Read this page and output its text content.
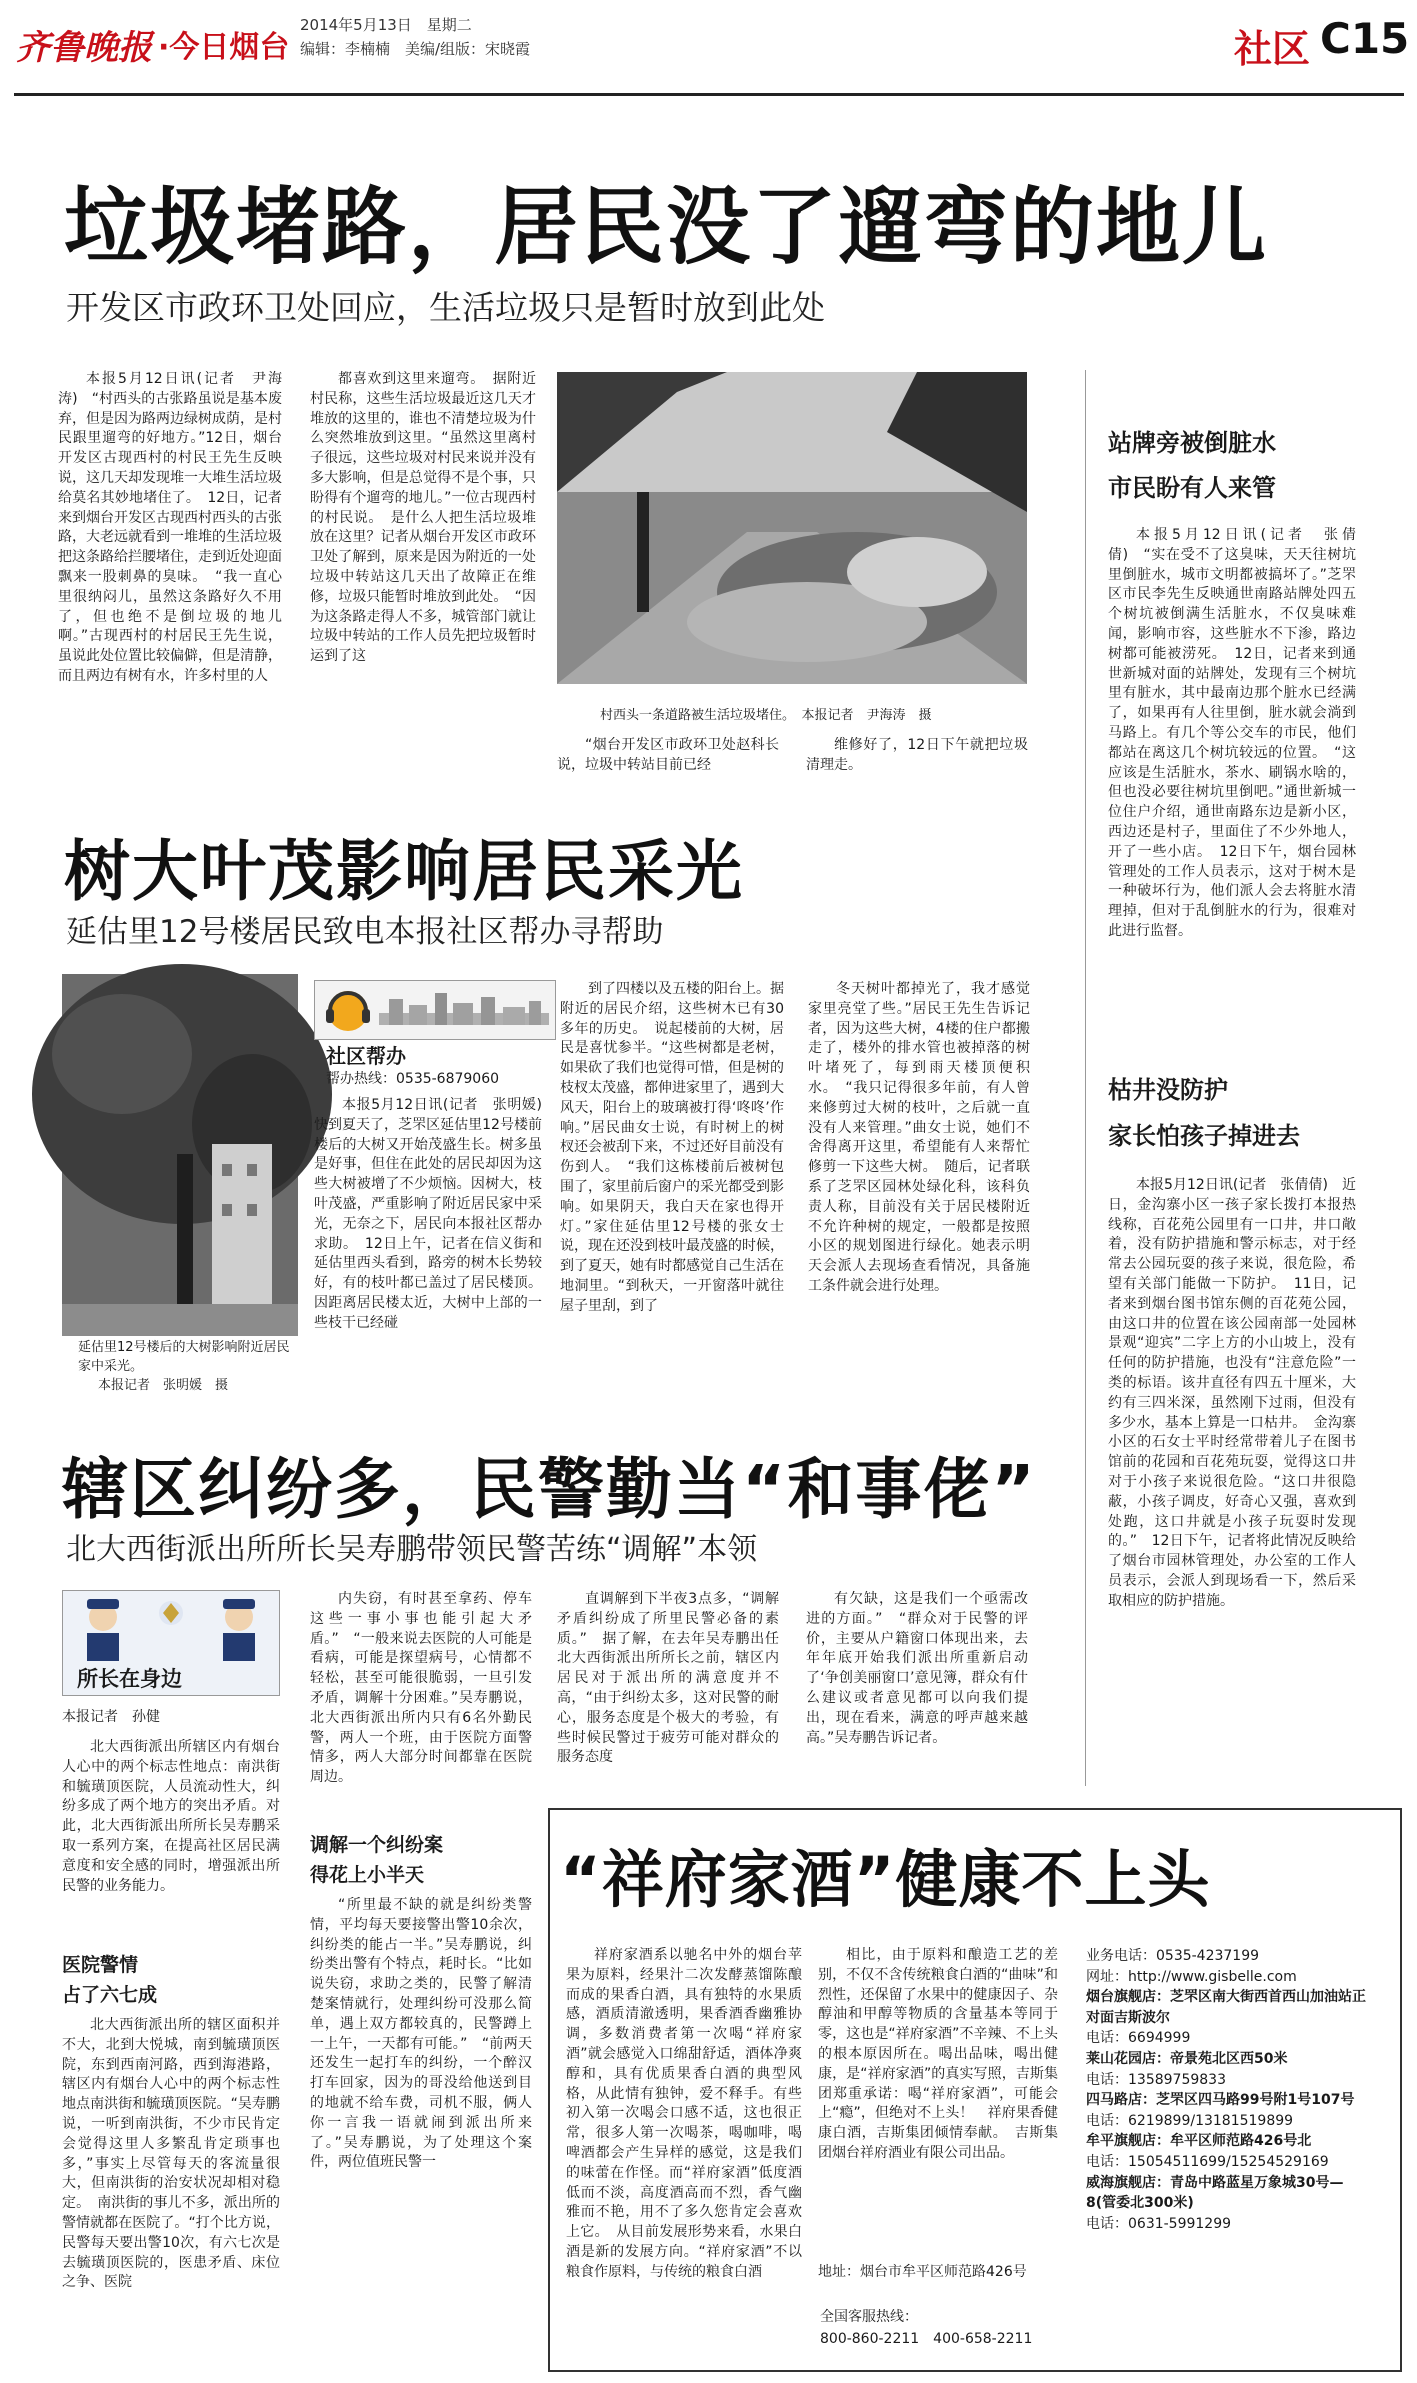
齐鲁晚报 ·今日烟台
2014年5月13日　星期二
编辑：李楠楠　美编/组版：宋晓霞	社区 C15
垃圾堵路，居民没了遛弯的地儿
开发区市政环卫处回应，生活垃圾只是暂时放到此处

本报5月12日讯(记者　尹海涛)　“村西头的古张路虽说是基本废弃，但是因为路两边绿树成荫，是村民跟里遛弯的好地方。”12日，烟台开发区古现西村的村民王先生反映说，这几天却发现堆一大堆生活垃圾给莫名其妙地堵住了。　12日，记者来到烟台开发区古现西村西头的古张路，大老远就看到一堆堆的生活垃圾把这条路给拦腰堵住，走到近处迎面飘来一股刺鼻的臭味。　“我一直心里很纳闷儿，虽然这条路好久不用了，但也绝不是倒垃圾的地儿啊。”古现西村的村居民王先生说，虽说此处位置比较偏僻，但是清静，而且两边有树有水，许多村里的人

都喜欢到这里来遛弯。　据附近村民称，这些生活垃圾最近这几天才堆放的这里的，谁也不清楚垃圾为什么突然堆放到这里。“虽然这里离村子很远，这些垃圾对村民来说并没有多大影响，但是总觉得不是个事，只盼得有个遛弯的地儿。”一位古现西村的村民说。　是什么人把生活垃圾堆放在这里？记者从烟台开发区市政环卫处了解到，原来是因为附近的一处垃圾中转站这几天出了故障正在维修，垃圾只能暂时堆放到此处。　“因为这条路走得人不多，城管部门就让垃圾中转站的工作人员先把垃圾暂时运到了这

村西头一条道路被生活垃圾堵住。　本报记者　尹海涛　摄

“烟台开发区市政环卫处赵科长说，垃圾中转站目前已经

维修好了，12日下午就把垃圾清理走。

站牌旁被倒脏水
市民盼有人来管

本报5月12日讯(记者　张倩倩)　“实在受不了这臭味，天天往树坑里倒脏水，城市文明都被搞坏了。”芝罘区市民李先生反映通世南路站牌处四五个树坑被倒满生活脏水，不仅臭味难闻，影响市容，这些脏水不下渗，路边树都可能被涝死。　12日，记者来到通世新城对面的站牌处，发现有三个树坑里有脏水，其中最南边那个脏水已经满了，如果再有人往里倒，脏水就会淌到马路上。有几个等公交车的市民，他们都站在离这几个树坑较远的位置。　“这应该是生活脏水，茶水、刷锅水啥的，但也没必要往树坑里倒吧。”通世新城一位住户介绍，通世南路东边是新小区，西边还是村子，里面住了不少外地人，开了一些小店。　12日下午，烟台园林管理处的工作人员表示，这对于树木是一种破坏行为，他们派人会去将脏水清理掉，但对于乱倒脏水的行为，很难对此进行监督。

枯井没防护
家长怕孩子掉进去

本报5月12日讯(记者　张倩倩)　近日，金沟寨小区一孩子家长拨打本报热线称，百花苑公园里有一口井，井口敞着，没有防护措施和警示标志，对于经常去公园玩耍的孩子来说，很危险，希望有关部门能做一下防护。　11日，记者来到烟台图书馆东侧的百花苑公园，由这口井的位置在该公园南部一处园林景观“迎宾”二字上方的小山坡上，没有任何的防护措施，也没有“注意危险”一类的标语。该井直径有四五十厘米，大约有三四米深，虽然刚下过雨，但没有多少水，基本上算是一口枯井。　金沟寨小区的石女士平时经常带着儿子在图书馆前的花园和百花苑玩耍，觉得这口井对于小孩子来说很危险。“这口井很隐蔽，小孩子调皮，好奇心又强，喜欢到处跑，这口井就是小孩子玩耍时发现的。”　12日下午，记者将此情况反映给了烟台市园林管理处，办公室的工作人员表示，会派人到现场看一下，然后采取相应的防护措施。

树大叶茂影响居民采光
延估里12号楼居民致电本报社区帮办寻帮助
延估里12号楼后的大树影响附近居民家中采光。
本报记者　张明媛　摄
社区帮办
帮办热线：0535-6879060

本报5月12日讯(记者　张明媛)　快到夏天了，芝罘区延估里12号楼前楼后的大树又开始茂盛生长。树多虽是好事，但住在此处的居民却因为这些大树被增了不少烦恼。因树大，枝叶茂盛，严重影响了附近居民家中采光，无奈之下，居民向本报社区帮办求助。　12日上午，记者在信义街和延估里西头看到，路旁的树木长势较好，有的枝叶都已盖过了居民楼顶。因距离居民楼太近，大树中上部的一些枝干已经碰

到了四楼以及五楼的阳台上。据附近的居民介绍，这些树木已有30多年的历史。　说起楼前的大树，居民是喜忧参半。“这些树都是老树，如果砍了我们也觉得可惜，但是树的枝杈太茂盛，都伸进家里了，遇到大风天，阳台上的玻璃被打得‘咚咚’作响。”居民曲女士说，有时树上的树杈还会被刮下来，不过还好目前没有伤到人。　“我们这栋楼前后被树包围了，家里前后窗户的采光都受到影响。如果阴天，我白天在家也得开灯。”家住延估里12号楼的张女士说，现在还没到枝叶最茂盛的时候，到了夏天，她有时都感觉自己生活在地洞里。“到秋天，一开窗落叶就往屋子里刮，到了

冬天树叶都掉光了，我才感觉家里亮堂了些。”居民王先生告诉记者，因为这些大树，4楼的住户都搬走了，楼外的排水管也被掉落的树叶堵死了，每到雨天楼顶便积水。　“我只记得很多年前，有人曾来修剪过大树的枝叶，之后就一直没有人来管理。”曲女士说，她们不舍得离开这里，希望能有人来帮忙修剪一下这些大树。　随后，记者联系了芝罘区园林处绿化科，该科负责人称，目前没有关于居民楼附近不允许种树的规定，一般都是按照小区的规划图进行绿化。她表示明天会派人去现场查看情况，具备施工条件就会进行处理。

辖区纠纷多，民警勤当“和事佬”
北大西街派出所所长吴寿鹏带领民警苦练“调解”本领
所长在身边
本报记者　孙健

北大西街派出所辖区内有烟台人心中的两个标志性地点：南洪街和毓璜顶医院，人员流动性大，纠纷多成了两个地方的突出矛盾。对此，北大西街派出所所长吴寿鹏采取一系列方案，在提高社区居民满意度和安全感的同时，增强派出所民警的业务能力。

医院警情
占了六七成

北大西街派出所的辖区面积并不大，北到大悦城，南到毓璜顶医院，东到西南河路，西到海港路，辖区内有烟台人心中的两个标志性地点南洪街和毓璜顶医院。“吴寿鹏说，一听到南洪街，不少市民肯定会觉得这里人多繁乱肯定琐事也多，”事实上尽管每天的客流量很大，但南洪街的治安状况却相对稳定。　南洪街的事儿不多，派出所的警情就都在医院了。“打个比方说，民警每天要出警10次，有六七次是去毓璜顶医院的，医患矛盾、床位之争、医院

内失窃，有时甚至拿药、停车这些一事小事也能引起大矛盾。”　“一般来说去医院的人可能是看病，可能是探望病号，心情都不轻松，甚至可能很脆弱，一旦引发矛盾，调解十分困难。”吴寿鹏说，北大西街派出所内只有6名外勤民警，两人一个班，由于医院方面警情多，两人大部分时间都靠在医院周边。

调解一个纠纷案
得花上小半天

“所里最不缺的就是纠纷类警情，平均每天要接警出警10余次，纠纷类的能占一半。”吴寿鹏说，纠纷类出警有个特点，耗时长。“比如说失窃，求助之类的，民警了解清楚案情就行，处理纠纷可没那么简单，遇上双方都较真的，民警蹲上一上午，一天都有可能。”　“前两天还发生一起打车的纠纷，一个醉汉打车回家，因为的哥没给他送到目的地就不给车费，司机不服，俩人你一言我一语就闹到派出所来了。”吴寿鹏说，为了处理这个案件，两位值班民警一

直调解到下半夜3点多，“调解矛盾纠纷成了所里民警必备的素质。”　据了解，在去年吴寿鹏出任北大西街派出所所长之前，辖区内居民对于派出所的满意度并不高，“由于纠纷太多，这对民警的耐心，服务态度是个极大的考验，有些时候民警过于疲劳可能对群众的服务态度

有欠缺，这是我们一个亟需改进的方面。”　“群众对于民警的评价，主要从户籍窗口体现出来，去年年底开始我们派出所重新启动了‘争创美丽窗口’意见簿，群众有什么建议或者意见都可以向我们提出，现在看来，满意的呼声越来越高。”吴寿鹏告诉记者。

“祥府家酒”健康不上头

祥府家酒系以驰名中外的烟台苹果为原料，经果汁二次发酵蒸馏陈酿而成的果香白酒，具有独特的水果质感，酒质清澈透明，果香酒香幽雅协调，多数消费者第一次喝“祥府家酒”就会感觉入口绵甜舒适，酒体净爽醇和，具有优质果香白酒的典型风格，从此情有独钟，爱不释手。有些初入第一次喝会口感不适，这也很正常，很多人第一次喝茶，喝咖啡，喝啤酒都会产生异样的感觉，这是我们的味蕾在作怪。而“祥府家酒”低度酒低而不淡，高度酒高而不烈，香气幽雅而不艳，用不了多久您肯定会喜欢上它。　从目前发展形势来看，水果白酒是新的发展方向。“祥府家酒”不以粮食作原料，与传统的粮食白酒

相比，由于原料和酿造工艺的差别，不仅不含传统粮食白酒的“曲味”和烈性，还保留了水果中的健康因子、杂醇油和甲醇等物质的含量基本等同于零，这也是“祥府家酒”不辛辣、不上头的根本原因所在。喝出品味，喝出健康，是“祥府家酒”的真实写照，吉斯集团郑重承诺：喝“祥府家酒”，可能会上“瘾”，但绝对不上头！　祥府果香健康白酒，吉斯集团倾情奉献。　吉斯集团烟台祥府酒业有限公司出品。

地址：烟台市牟平区师范路426号
全国客服热线：
800-860-2211　400-658-2211
业务电话：0535-4237199
网址：http://www.gisbelle.com
烟台旗舰店：芝罘区南大街西首西山加油站正对面吉斯波尔
电话：6694999
莱山花园店：帝景苑北区西50米
电话：13589759833
四马路店：芝罘区四马路99号附1号107号
电话：6219899/13181519899
牟平旗舰店：牟平区师范路426号北
电话：15054511699/15254529169
威海旗舰店：青岛中路蓝星万象城30号—8(管委北300米)
电话：0631-5991299
